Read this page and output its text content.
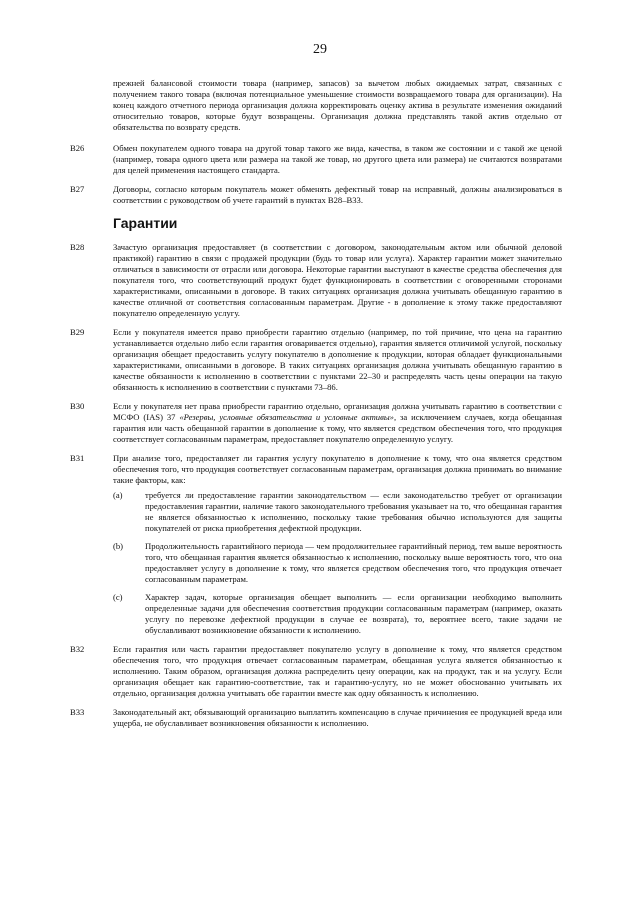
29

прежней балансовой стоимости товара (например, запасов) за вычетом любых ожидаемых затрат, связанных с получением такого товара (включая потенциальное уменьшение стоимости возвращаемого товара для организации). На конец каждого отчетного периода организация должна корректировать оценку актива в результате изменения ожиданий относительно товаров, которые будут возвращены. Организация должна представлять такой актив отдельно от обязательства по возврату средств.

B26	Обмен покупателем одного товара на другой товар такого же вида, качества, в таком же состоянии и с такой же ценой (например, товара одного цвета или размера на такой же товар, но другого цвета или размера) не считаются возвратами для целей применения настоящего стандарта.

B27	Договоры, согласно которым покупатель может обменять дефектный товар на исправный, должны анализироваться в соответствии с руководством об учете гарантий в пунктах B28–B33.

Гарантии
B28	Зачастую организация предоставляет (в соответствии с договором, законодательным актом или обычной деловой практикой) гарантию в связи с продажей продукции (будь то товар или услуга). Характер гарантии может значительно отличаться в зависимости от отрасли или договора. Некоторые гарантии выступают в качестве средства обеспечения для покупателя того, что соответствующий продукт будет функционировать в соответствии с оговоренными сторонами характеристиками, описанными в договоре. В таких ситуациях организация должна учитывать обещанную гарантию в качестве отличной от соответствия согласованным параметрам. Другие - в дополнение к этому также предоставляют покупателю определенную услугу.

B29	Если у покупателя имеется право приобрести гарантию отдельно (например, по той причине, что цена на гарантию устанавливается отдельно либо если гарантия оговаривается отдельно), гарантия является отличимой услугой, поскольку организация обещает предоставить услугу покупателю в дополнение к продукции, которая обладает функциональными характеристиками, описанными в договоре. В таких ситуациях организация должна учитывать обещанную гарантию в качестве обязанности к исполнению в соответствии с пунктами 22–30 и распределять часть цены операции на такую обязанность к исполнению в соответствии с пунктами 73–86.

B30	Если у покупателя нет права приобрести гарантию отдельно, организация должна учитывать гарантию в соответствии с МСФО (IAS) 37 «Резервы, условные обязательства и условные активы», за исключением случаев, когда обещанная гарантия или часть обещанной гарантии в дополнение к тому, что является средством обеспечения того, что продукция соответствует согласованным параметрам, предоставляет покупателю определенную услугу.

B31	При анализе того, предоставляет ли гарантия услугу покупателю в дополнение к тому, что она является средством обеспечения того, что продукция соответствует согласованным параметрам, организация должна принимать во внимание такие факторы, как:

(a)	требуется ли предоставление гарантии законодательством — если законодательство требует от организации предоставления гарантии, наличие такого законодательного требования указывает на то, что обещанная гарантия не является обязанностью к исполнению, поскольку такие требования обычно используются для защиты покупателей от риска приобретения дефектной продукции.

(b)	Продолжительность гарантийного периода — чем продолжительнее гарантийный период, тем выше вероятность того, что обещанная гарантия является обязанностью к исполнению, поскольку выше вероятность того, что она предоставляет услугу в дополнение к тому, что является средством обеспечения того, что продукция отвечает согласованным параметрам.

(c)	Характер задач, которые организация обещает выполнить — если организации необходимо выполнить определенные задачи для обеспечения соответствия продукции согласованным параметрам (например, оказать услугу по перевозке дефектной продукции в случае ее возврата), то, вероятнее всего, такие задачи не обуславливают возникновение обязанности к исполнению.

B32	Если гарантия или часть гарантии предоставляет покупателю услугу в дополнение к тому, что является средством обеспечения того, что продукция отвечает согласованным параметрам, обещанная услуга является обязанностью к исполнению. Таким образом, организация должна распределить цену операции, как на продукт, так и на услугу. Если организация обещает как гарантию-соответствие, так и гарантию-услугу, но не может обоснованно учитывать их отдельно, организация должна учитывать обе гарантии вместе как одну обязанность к исполнению.

B33	Законодательный акт, обязывающий организацию выплатить компенсацию в случае причинения ее продукцией вреда или ущерба, не обуславливает возникновения обязанности к исполнению.
